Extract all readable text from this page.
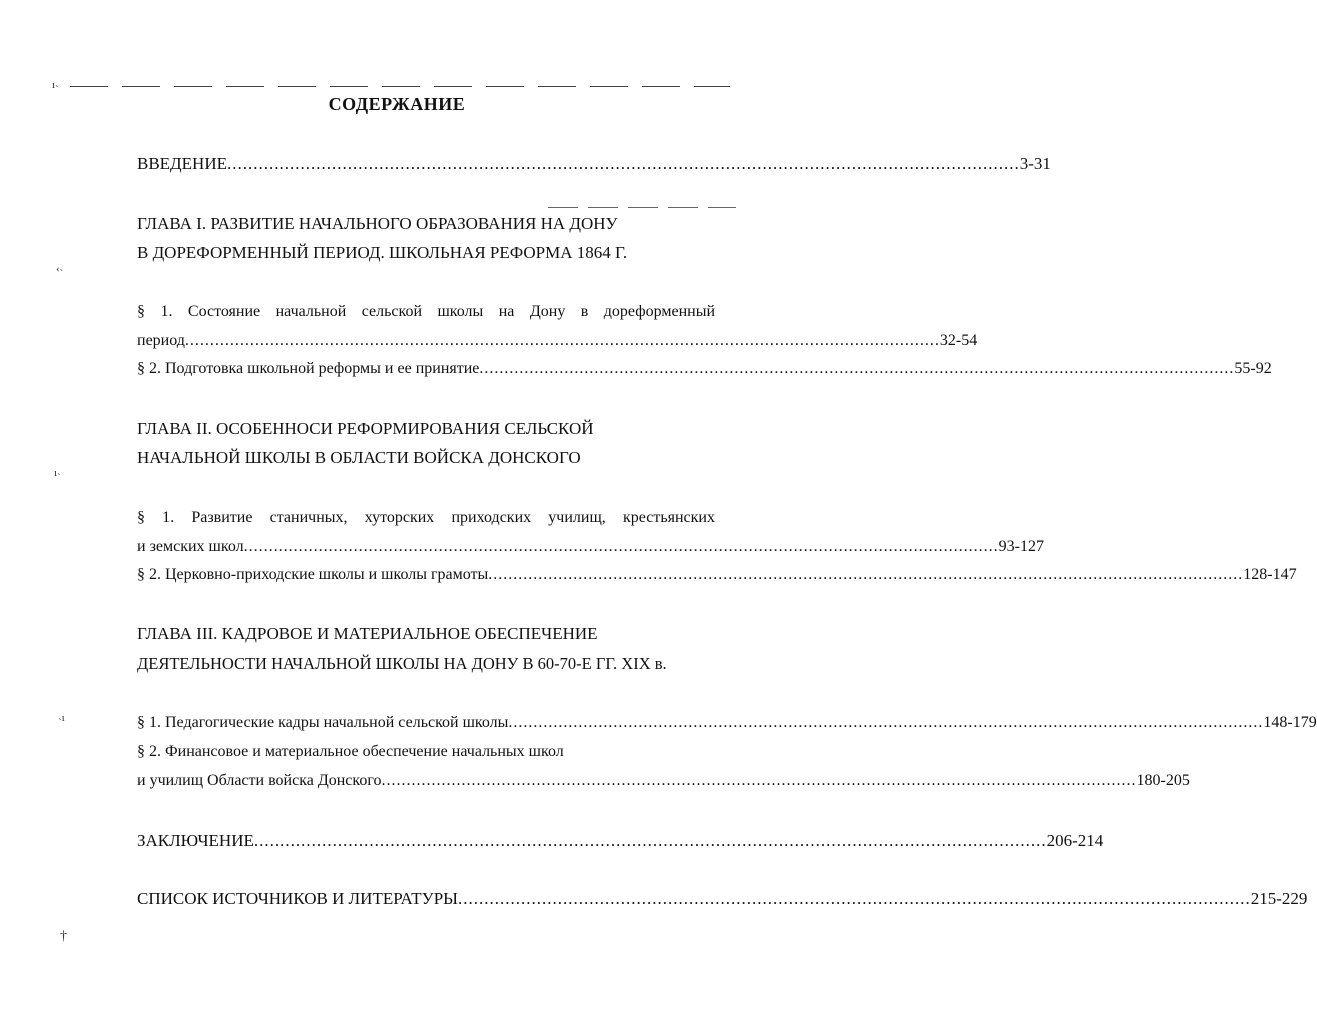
ı˴
‹˴
ı˴
˴ı
†
СОДЕРЖАНИЕ
ВВЕДЕНИЕ ....................................................................................................................................................... 3-31
ГЛАВА I. РАЗВИТИЕ НАЧАЛЬНОГО ОБРАЗОВАНИЯ НА ДОНУ
В ДОРЕФОРМЕННЫЙ ПЕРИОД. ШКОЛЬНАЯ РЕФОРМА 1864 Г.
§ 1. Состояние начальной сельской школы на Дону в дореформенный
период ....................................................................................................................................................... 32-54
§ 2. Подготовка школьной реформы и ее принятие ....................................................................................................................................................... 55-92
ГЛАВА II. ОСОБЕННОСИ РЕФОРМИРОВАНИЯ СЕЛЬСКОЙ
НАЧАЛЬНОЙ ШКОЛЫ В ОБЛАСТИ ВОЙСКА ДОНСКОГО
§ 1. Развитие станичных, хуторских приходских училищ, крестьянских
и земских школ ....................................................................................................................................................... 93-127
§ 2. Церковно-приходские школы и школы грамоты ....................................................................................................................................................... 128-147
ГЛАВА III. КАДРОВОЕ И МАТЕРИАЛЬНОЕ ОБЕСПЕЧЕНИЕ
ДЕЯТЕЛЬНОСТИ НАЧАЛЬНОЙ ШКОЛЫ НА ДОНУ В 60-70-Е ГГ. XIX в.
§ 1. Педагогические кадры начальной сельской школы ....................................................................................................................................................... 148-179
§ 2. Финансовое и материальное обеспечение начальных школ
и училищ Области войска Донского ....................................................................................................................................................... 180-205
ЗАКЛЮЧЕНИЕ ....................................................................................................................................................... 206-214
СПИСОК ИСТОЧНИКОВ И ЛИТЕРАТУРЫ ....................................................................................................................................................... 215-229
